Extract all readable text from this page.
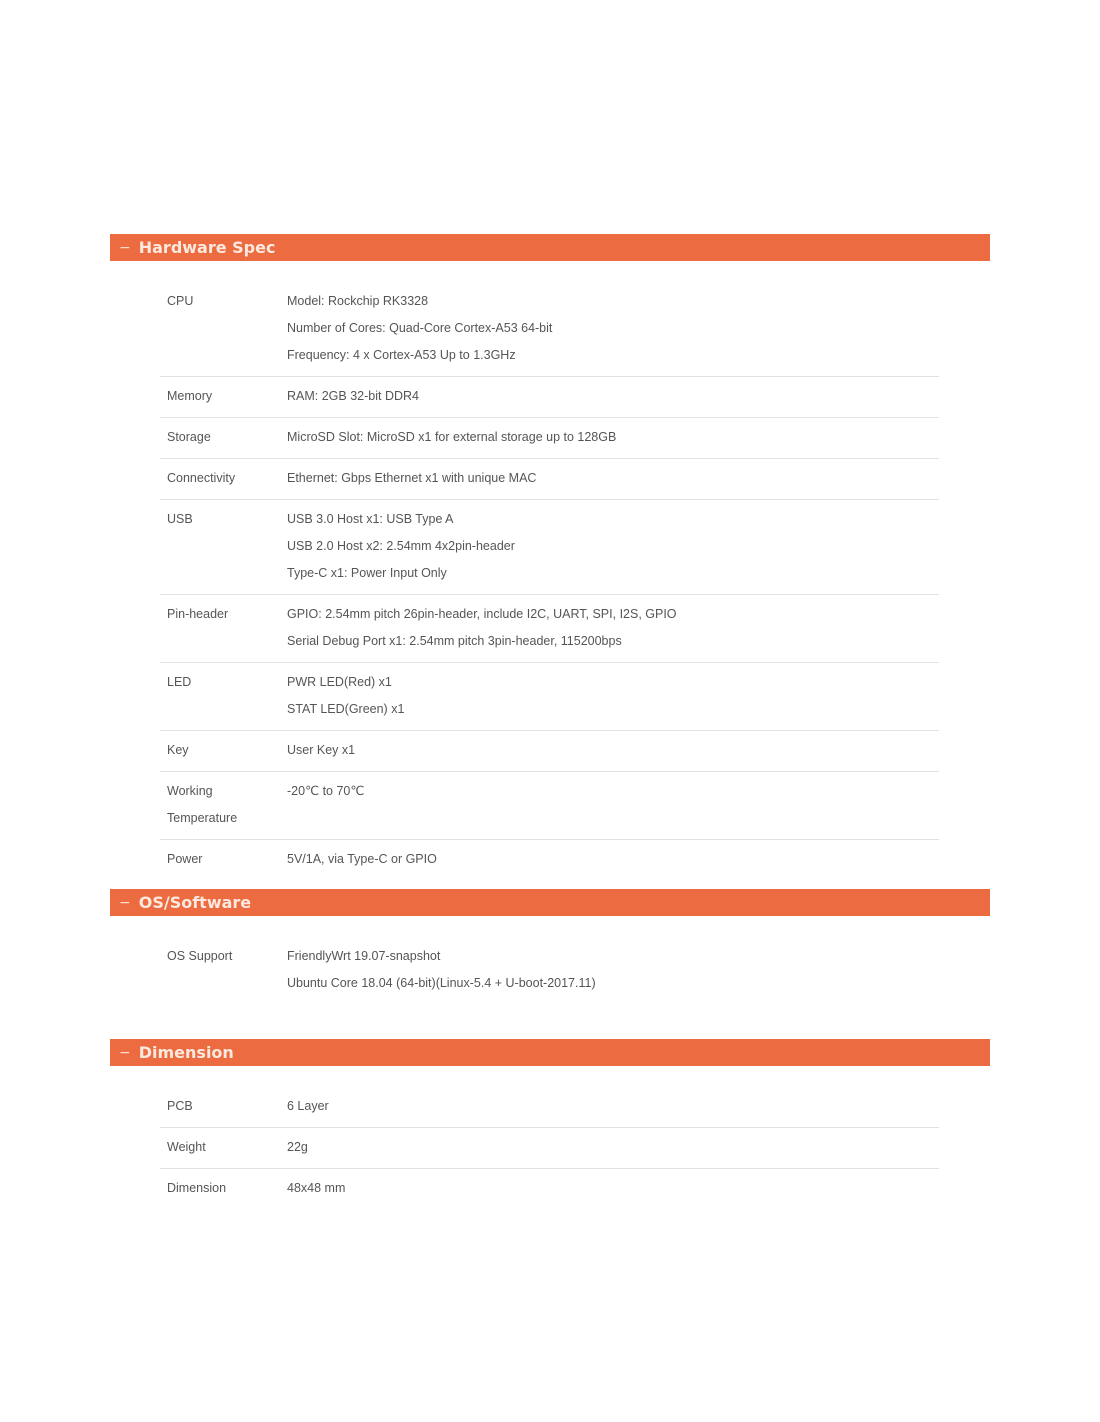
− Hardware Spec
CPU	Model: Rockchip RK3328
Number of Cores: Quad-Core Cortex-A53 64-bit
Frequency: 4 x Cortex-A53 Up to 1.3GHz

Memory	RAM: 2GB 32-bit DDR4

Storage	MicroSD Slot: MicroSD x1 for external storage up to 128GB

Connectivity	Ethernet: Gbps Ethernet x1 with unique MAC

USB	USB 3.0 Host x1: USB Type A
USB 2.0 Host x2: 2.54mm 4x2pin-header
Type-C x1: Power Input Only

Pin-header	GPIO: 2.54mm pitch 26pin-header, include I2C, UART, SPI, I2S, GPIO
Serial Debug Port x1: 2.54mm pitch 3pin-header, 115200bps

LED	PWR LED(Red) x1
STAT LED(Green) x1

Key	User Key x1

Working
Temperature	-20℃ to 70℃

Power	5V/1A, via Type-C or GPIO
− OS/Software
OS Support	FriendlyWrt 19.07-snapshot
Ubuntu Core 18.04 (64-bit)(Linux-5.4 + U-boot-2017.11)
− Dimension
PCB	6 Layer

Weight	22g

Dimension	48x48 mm
